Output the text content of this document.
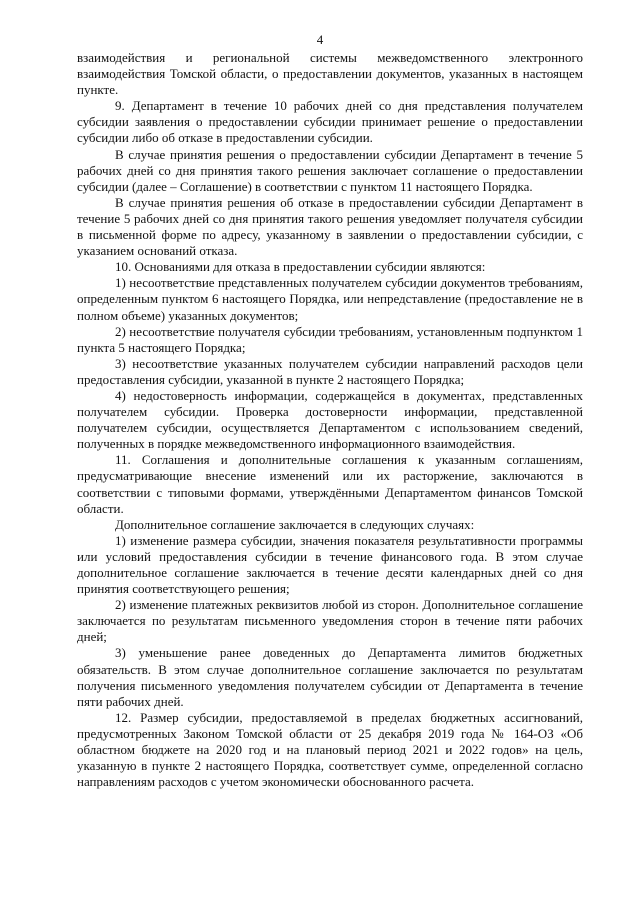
4

взаимодействия и региональной системы межведомственного электронного взаимодействия Томской области, о предоставлении документов, указанных в настоящем пункте.

9. Департамент в течение 10 рабочих дней со дня представления получателем субсидии заявления о предоставлении субсидии принимает решение о предоставлении субсидии либо об отказе в предоставлении субсидии.

В случае принятия решения о предоставлении субсидии Департамент в течение 5 рабочих дней со дня принятия такого решения заключает соглашение о предоставлении субсидии (далее – Соглашение) в соответствии с пунктом 11 настоящего Порядка.

В случае принятия решения об отказе в предоставлении субсидии Департамент в течение 5 рабочих дней со дня принятия такого решения уведомляет получателя субсидии в письменной форме по адресу, указанному в заявлении о предоставлении субсидии, с указанием оснований отказа.

10. Основаниями для отказа в предоставлении субсидии являются:

1) несоответствие представленных получателем субсидии документов требованиям, определенным пунктом 6 настоящего Порядка, или непредставление (предоставление не в полном объеме) указанных документов;

2) несоответствие получателя субсидии требованиям, установленным подпунктом 1 пункта 5 настоящего Порядка;

3) несоответствие указанных получателем субсидии направлений расходов цели предоставления субсидии, указанной в пункте 2 настоящего Порядка;

4) недостоверность информации, содержащейся в документах, представленных получателем субсидии. Проверка достоверности информации, представленной получателем субсидии, осуществляется Департаментом с использованием сведений, полученных в порядке межведомственного информационного взаимодействия.

11. Соглашения и дополнительные соглашения к указанным соглашениям, предусматривающие внесение изменений или их расторжение, заключаются в соответствии с типовыми формами, утверждёнными Департаментом финансов Томской области.

Дополнительное соглашение заключается в следующих случаях:

1) изменение размера субсидии, значения показателя результативности программы или условий предоставления субсидии в течение финансового года. В этом случае дополнительное соглашение заключается в течение десяти календарных дней со дня принятия соответствующего решения;

2) изменение платежных реквизитов любой из сторон. Дополнительное соглашение заключается по результатам письменного уведомления сторон в течение пяти рабочих дней;

3) уменьшение ранее доведенных до Департамента лимитов бюджетных обязательств. В этом случае дополнительное соглашение заключается по результатам получения письменного уведомления получателем субсидии от Департамента в течение пяти рабочих дней.

12. Размер субсидии, предоставляемой в пределах бюджетных ассигнований, предусмотренных Законом Томской области от 25 декабря 2019 года № 164-ОЗ «Об областном бюджете на 2020 год и на плановый период 2021 и 2022 годов» на цель, указанную в пункте 2 настоящего Порядка, соответствует сумме, определенной согласно направлениям расходов с учетом экономически обоснованного расчета.
